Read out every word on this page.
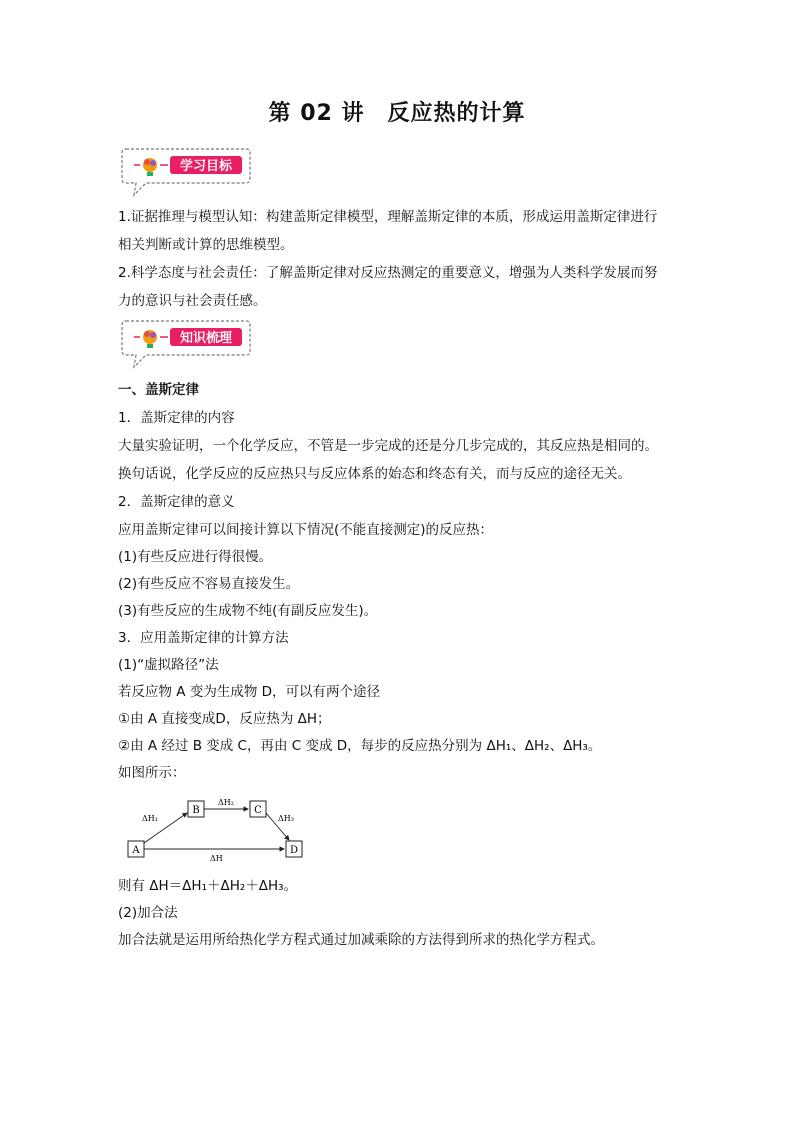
第 02 讲　反应热的计算
学习目标
1.证据推理与模型认知：构建盖斯定律模型，理解盖斯定律的本质，形成运用盖斯定律进行
相关判断或计算的思维模型。
2.科学态度与社会责任：了解盖斯定律对反应热测定的重要意义，增强为人类科学发展而努
力的意识与社会责任感。
知识梳理
一、盖斯定律
1．盖斯定律的内容
大量实验证明，一个化学反应，不管是一步完成的还是分几步完成的，其反应热是相同的。
换句话说，化学反应的反应热只与反应体系的始态和终态有关，而与反应的途径无关。
2．盖斯定律的意义
应用盖斯定律可以间接计算以下情况(不能直接测定)的反应热：
(1)有些反应进行得很慢。
(2)有些反应不容易直接发生。
(3)有些反应的生成物不纯(有副反应发生)。
3．应用盖斯定律的计算方法
(1)“虚拟路径”法
若反应物 A 变为生成物 D，可以有两个途径
①由 A 直接变成D，反应热为 ΔH；
②由 A 经过 B 变成 C，再由 C 变成 D，每步的反应热分别为 ΔH₁、ΔH₂、ΔH₃。
如图所示：
A
B	C
D
ΔH₁
ΔH₂
ΔH₃
ΔH
则有 ΔH＝ΔH₁＋ΔH₂＋ΔH₃。
(2)加合法
加合法就是运用所给热化学方程式通过加减乘除的方法得到所求的热化学方程式。
